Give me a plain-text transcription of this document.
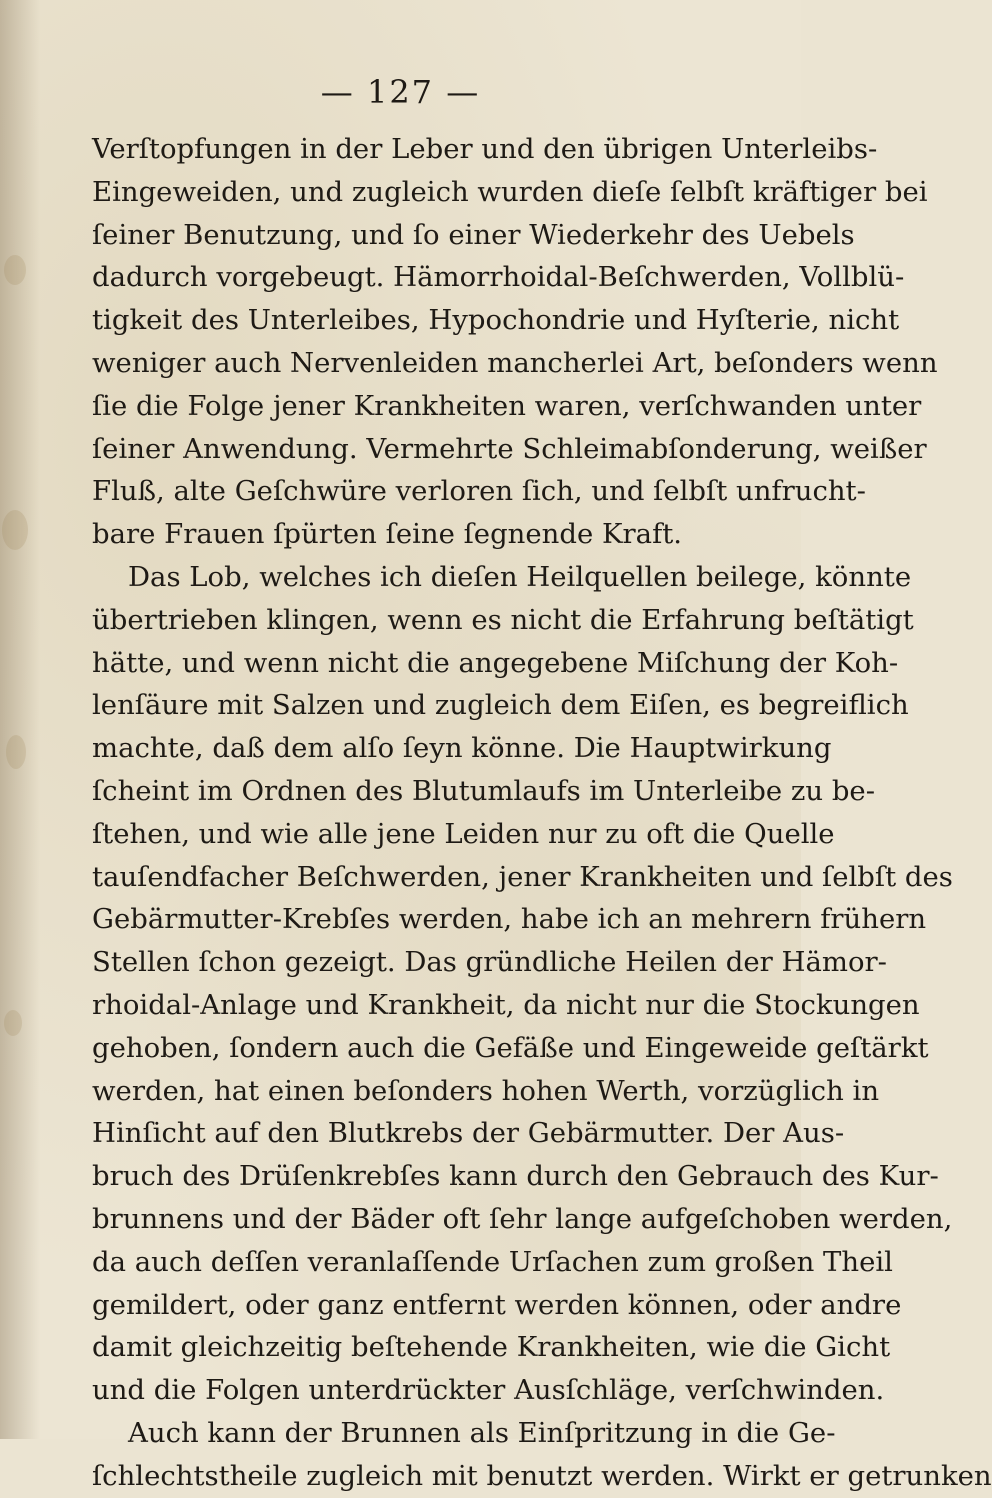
— 127 —
Verſtopfungen in der Leber und den übrigen Unterleibs-
Eingeweiden, und zugleich wurden dieſe ſelbſt kräftiger bei
ſeiner Benutzung, und ſo einer Wiederkehr des Uebels
dadurch vorgebeugt. Hämorrhoidal-Beſchwerden, Vollblü-
tigkeit des Unterleibes, Hypochondrie und Hyſterie, nicht
weniger auch Nervenleiden mancherlei Art, beſonders wenn
ſie die Folge jener Krankheiten waren, verſchwanden unter
ſeiner Anwendung. Vermehrte Schleimabſonderung, weißer
Fluß, alte Geſchwüre verloren ſich, und ſelbſt unfrucht-
bare Frauen ſpürten ſeine ſegnende Kraft.
Das Lob, welches ich dieſen Heilquellen beilege, könnte
übertrieben klingen, wenn es nicht die Erfahrung beſtätigt
hätte, und wenn nicht die angegebene Miſchung der Koh-
lenſäure mit Salzen und zugleich dem Eiſen, es begreiflich
machte, daß dem alſo ſeyn könne. Die Hauptwirkung
ſcheint im Ordnen des Blutumlaufs im Unterleibe zu be-
ſtehen, und wie alle jene Leiden nur zu oft die Quelle
tauſendfacher Beſchwerden, jener Krankheiten und ſelbſt des
Gebärmutter-Krebſes werden, habe ich an mehrern frühern
Stellen ſchon gezeigt. Das gründliche Heilen der Hämor-
rhoidal-Anlage und Krankheit, da nicht nur die Stockungen
gehoben, ſondern auch die Gefäße und Eingeweide geſtärkt
werden, hat einen beſonders hohen Werth, vorzüglich in
Hinſicht auf den Blutkrebs der Gebärmutter. Der Aus-
bruch des Drüſenkrebſes kann durch den Gebrauch des Kur-
brunnens und der Bäder oft ſehr lange aufgeſchoben werden,
da auch deſſen veranlaſſende Urſachen zum großen Theil
gemildert, oder ganz entfernt werden können, oder andre
damit gleichzeitig beſtehende Krankheiten, wie die Gicht
und die Folgen unterdrückter Ausſchläge, verſchwinden.
Auch kann der Brunnen als Einſpritzung in die Ge-
ſchlechtstheile zugleich mit benutzt werden. Wirkt er getrunken
